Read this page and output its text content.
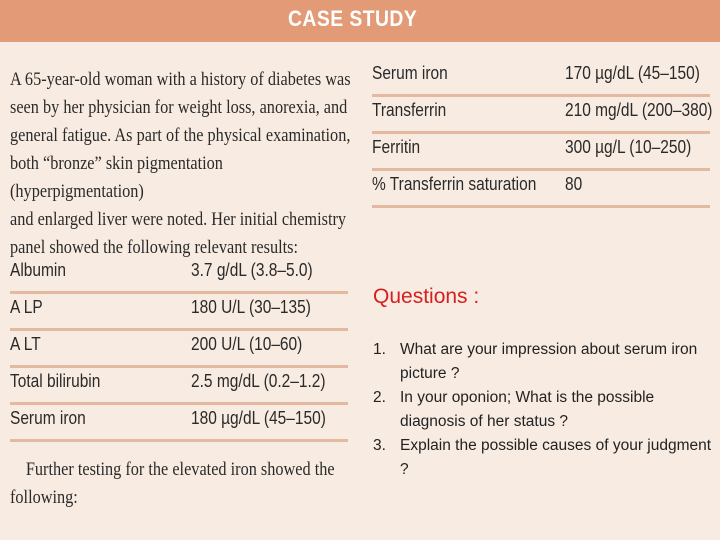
CASE STUDY
A 65-year-old woman with a history of diabetes was
seen by her physician for weight loss, anorexia, and
general fatigue. As part of the physical examination,
both “bronze” skin pigmentation (hyperpigmentation)
and enlarged liver were noted. Her initial chemistry
panel showed the following relevant results:
Albumin	3.7 g/dL (3.8–5.0)
A LP	180 U/L (30–135)
A LT	200 U/L (10–60)
Total bilirubin	2.5 mg/dL (0.2–1.2)
Serum iron	180 µg/dL (45–150)
Further testing for the elevated iron showed the
following:
Serum iron	170 µg/dL (45–150)
Transferrin	210 mg/dL (200–380)
Ferritin	300 µg/L (10–250)
% Transferrin saturation 80
Questions :
1. What are your impression about serum iron picture ?
2. In your oponion; What is the possible diagnosis of her status ?
3. Explain the possible causes of your judgment ?
